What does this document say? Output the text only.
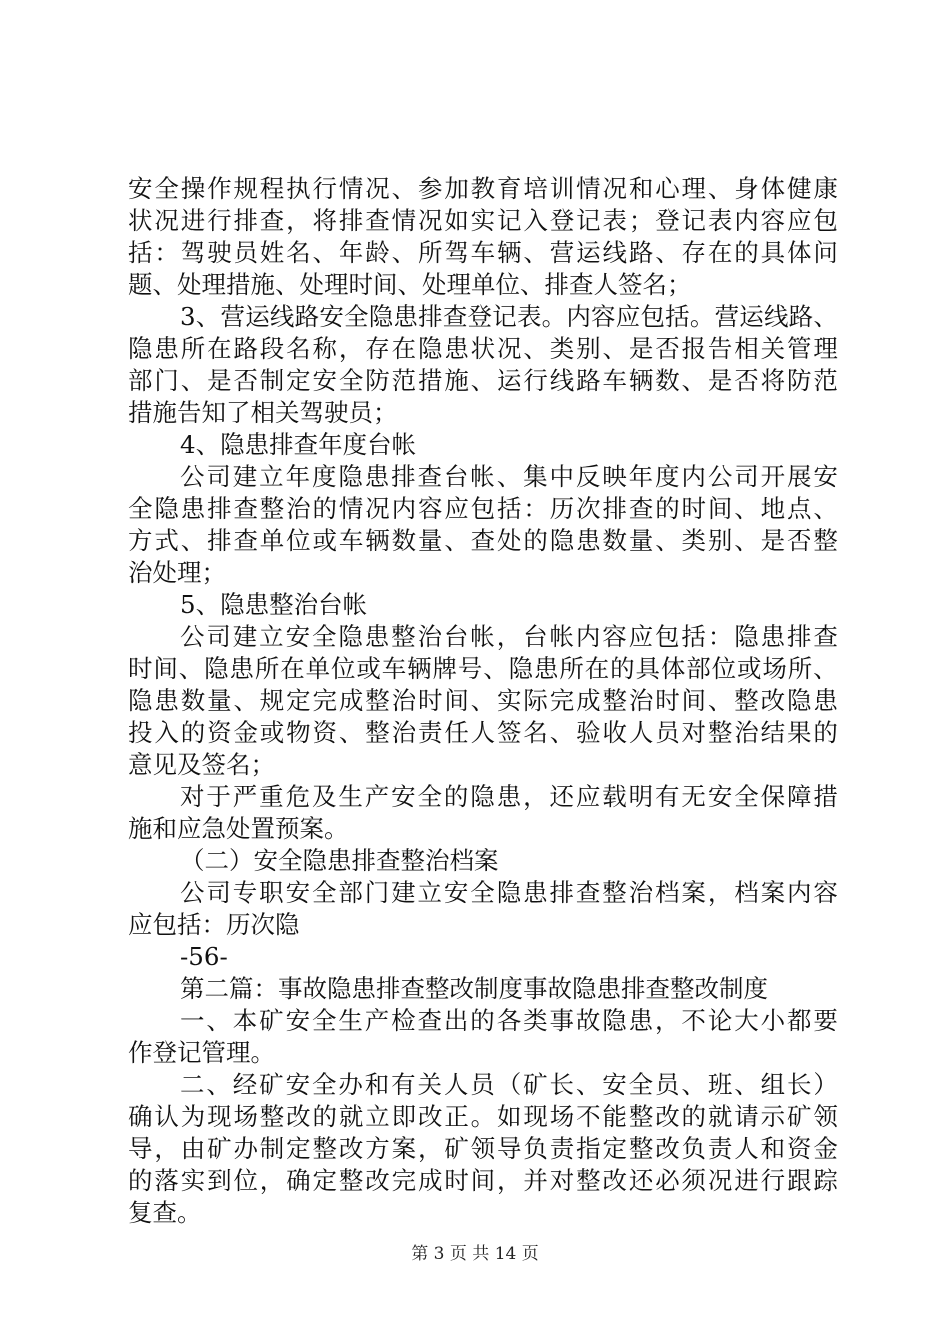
安 全 操 作 规 程 执 行 情 况 、 参 加 教 育 培 训 情 况 和 心 理 、 身 体 健 康
状 况 进 行 排 查 ， 将 排 查 情 况 如 实 记 入 登 记 表 ； 登 记 表 内 容 应 包
括 ： 驾 驶 员 姓 名 、 年 龄 、 所 驾 车 辆 、 营 运 线 路 、 存 在 的 具 体 问
题、处理措施、处理时间、处理单位、排查人签名；
3 、 营 运 线 路 安 全 隐 患 排 查 登 记 表 。 内 容 应 包 括 。 营 运 线 路 、
隐 患 所 在 路 段 名 称 ， 存 在 隐 患 状 况 、 类 别 、 是 否 报 告 相 关 管 理
部 门 、 是 否 制 定 安 全 防 范 措 施 、 运 行 线 路 车 辆 数 、 是 否 将 防 范
措施告知了相关驾驶员；
4、隐患排查年度台帐
公 司 建 立 年 度 隐 患 排 查 台 帐 、 集 中 反 映 年 度 内 公 司 开 展 安
全 隐 患 排 查 整 治 的 情 况 内 容 应 包 括 ： 历 次 排 查 的 时 间 、 地 点 、
方 式 、 排 查 单 位 或 车 辆 数 量 、 查 处 的 隐 患 数 量 、 类 别 、 是 否 整
治处理；
5、隐患整治台帐
公 司 建 立 安 全 隐 患 整 治 台 帐 ， 台 帐 内 容 应 包 括 ： 隐 患 排 查
时 间 、 隐 患 所 在 单 位 或 车 辆 牌 号 、 隐 患 所 在 的 具 体 部 位 或 场 所 、
隐 患 数 量 、 规 定 完 成 整 治 时 间 、 实 际 完 成 整 治 时 间 、 整 改 隐 患
投 入 的 资 金 或 物 资 、 整 治 责 任 人 签 名 、 验 收 人 员 对 整 治 结 果 的
意见及签名；
对 于 严 重 危 及 生 产 安 全 的 隐 患 ， 还 应 载 明 有 无 安 全 保 障 措
施和应急处置预案。
（二）安全隐患排查整治档案
公 司 专 职 安 全 部 门 建 立 安 全 隐 患 排 查 整 治 档 案 ， 档 案 内 容
应包括：历次隐
-56-
第二篇：事故隐患排查整改制度事故隐患排查整改制度
一 、 本 矿 安 全 生 产 检 查 出 的 各 类 事 故 隐 患 ， 不 论 大 小 都 要
作登记管理。
二 、 经 矿 安 全 办 和 有 关 人 员 （ 矿 长 、 安 全 员 、 班 、 组 长 ）
确 认 为 现 场 整 改 的 就 立 即 改 正 。 如 现 场 不 能 整 改 的 就 请 示 矿 领
导 ， 由 矿 办 制 定 整 改 方 案 ， 矿 领 导 负 责 指 定 整 改 负 责 人 和 资 金
的 落 实 到 位 ， 确 定 整 改 完 成 时 间 ， 并 对 整 改 还 必 须 况 进 行 跟 踪
复查。
第 3 页 共 14 页
